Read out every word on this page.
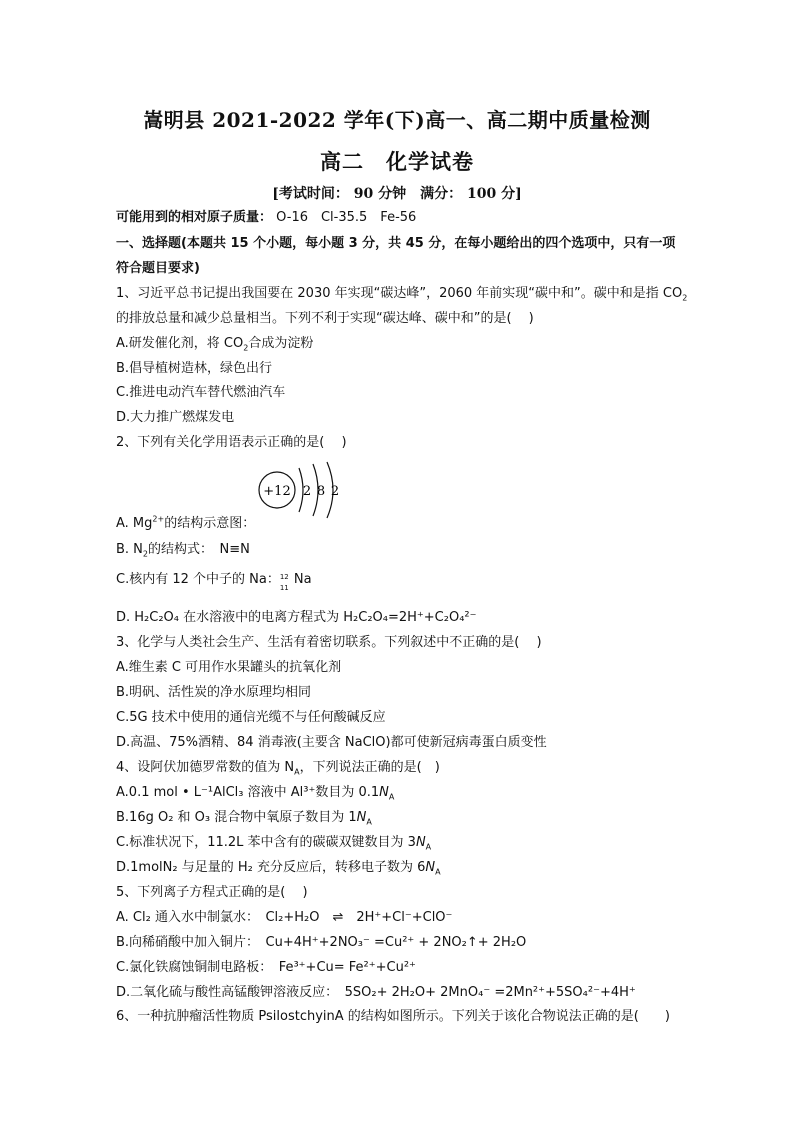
嵩明县 2021-2022 学年(下)高一、高二期中质量检测
高二　化学试卷
[考试时间： 90 分钟　满分： 100 分]
可能用到的相对原子质量： O-16　Cl-35.5　Fe-56
一、选择题(本题共 15 个小题，每小题 3 分，共 45 分，在每小题给出的四个选项中，只有一项
符合题目要求)
1、习近平总书记提出我国要在 2030 年实现“碳达峰”，2060 年前实现“碳中和”。碳中和是指 $CO_2$
的排放总量和减少总量相当。下列不利于实现“碳达峰、碳中和”的是(　 )
A.研发催化剂，将 $CO_2$合成为淀粉
B.倡导植树造林，绿色出行
C.推进电动汽车替代燃油汽车
D.大力推广燃煤发电
2、下列有关化学用语表示正确的是(　 )
+12 2 8 2
A. $Mg^{2+}$的结构示意图：
B. $N_2$的结构式：　N≡N
C.核内有 12 个中子的 Na： 12
11
Na
D. H₂C₂O₄ 在水溶液中的电离方程式为 H₂C₂O₄=2H⁺+C₂O₄²⁻
3、化学与人类社会生产、生活有着密切联系。下列叙述中不正确的是(　 )
A.维生素 C 可用作水果罐头的抗氧化剂
B.明矾、活性炭的净水原理均相同
C.5G 技术中使用的通信光缆不与任何酸碱反应
D.高温、75%酒精、84 消毒液(主要含 NaClO)都可使新冠病毒蛋白质变性
4、设阿伏加德罗常数的值为 $N_A$，下列说法正确的是(　)
A.0.1 mol • L⁻¹AlCl₃ 溶液中 Al³⁺数目为 $0.1N_A$
B.16g O₂ 和 O₃ 混合物中氧原子数目为 $1N_A$
C.标准状况下，11.2L 苯中含有的碳碳双键数目为 $3N_A$
D.1molN₂ 与足量的 H₂ 充分反应后，转移电子数为 $6N_A$
5、下列离子方程式正确的是(　 )
A. Cl₂ 通入水中制氯水：　Cl₂+H₂O　⇌　2H⁺+Cl⁻+ClO⁻
B.向稀硝酸中加入铜片：　Cu+4H⁺+2NO₃⁻ =Cu²⁺ + 2NO₂↑+ 2H₂O
C.氯化铁腐蚀铜制电路板：　Fe³⁺+Cu= Fe²⁺+Cu²⁺
D.二氧化硫与酸性高锰酸钾溶液反应：　5SO₂+ 2H₂O+ 2MnO₄⁻ =2Mn²⁺+5SO₄²⁻+4H⁺
6、一种抗肿瘤活性物质 PsilostchyinA 的结构如图所示。下列关于该化合物说法正确的是(　　)
